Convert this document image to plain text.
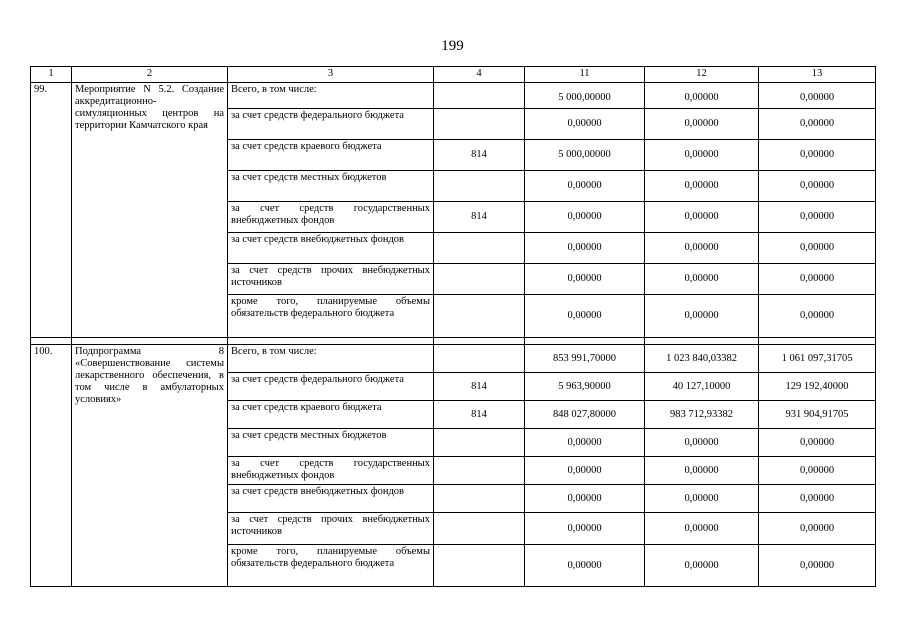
199
1	2	3	4	11	12	13
99.	Мероприятие N 5.2. Создание аккредитационно-симуляционных центров на территории Камчатского края	Всего, в том числе:		5 000,00000	0,00000	0,00000
		за счет средств федерального бюджета		0,00000	0,00000	0,00000
		за счет средств краевого бюджета	814	5 000,00000	0,00000	0,00000
		за счет средств местных бюджетов		0,00000	0,00000	0,00000
		за счет средств государственных внебюджетных фондов	814	0,00000	0,00000	0,00000
		за счет средств внебюджетных фондов		0,00000	0,00000	0,00000
		за счет средств прочих внебюджетных источников		0,00000	0,00000	0,00000
		кроме того, планируемые объемы обязательств федерального бюджета		0,00000	0,00000	0,00000

100.	Подпрограмма 8 «Совершенствование системы лекарственного обеспечения, в том числе в амбулаторных условиях»	Всего, в том числе:		853 991,70000	1 023 840,03382	1 061 097,31705
		за счет средств федерального бюджета	814	5 963,90000	40 127,10000	129 192,40000
		за счет средств краевого бюджета	814	848 027,80000	983 712,93382	931 904,91705
		за счет средств местных бюджетов		0,00000	0,00000	0,00000
		за счет средств государственных внебюджетных фондов		0,00000	0,00000	0,00000
		за счет средств внебюджетных фондов		0,00000	0,00000	0,00000
		за счет средств прочих внебюджетных источников		0,00000	0,00000	0,00000
		кроме того, планируемые объемы обязательств федерального бюджета		0,00000	0,00000	0,00000
